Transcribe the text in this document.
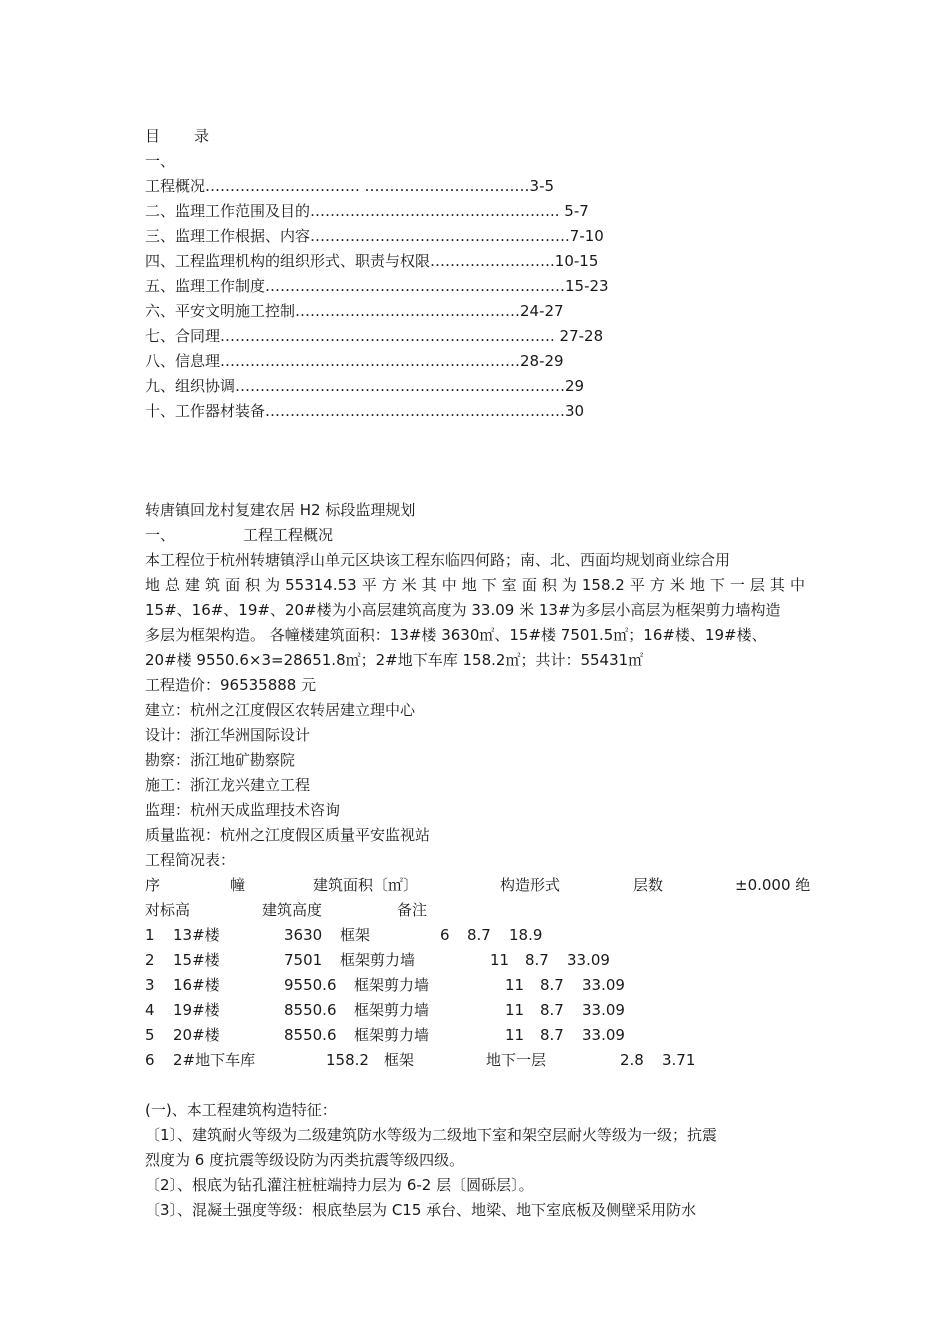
目 录
一、
工程概况…………………………. ……………………………3-5
二、监理工作范围及目的………………………………………….. 5-7
三、监理工作根据、内容…………………………………………….7-10
四、工程监理机构的组织形式、职责与权限…………………….10-15
五、监理工作制度……………………………………………………15-23
六、平安文明施工控制………………………………………24-27
七、合同理…………………………………………………………. 27-28
八、信息理……………………………………………………28-29
九、组织协调…………………………………………………………29
十、工作器材装备……………………………………………………30
转唐镇回龙村复建农居 H2 标段监理规划
一、	工程工程概况
本工程位于杭州转塘镇浮山单元区块该工程东临四何路；南、北、西面均规划商业综合用
地 总 建 筑 面 积 为 55314.53 平 方 米 其 中 地 下 室 面 积 为 158.2 平 方 米 地 下 一 层 其 中
15#、16#、19#、20#楼为小高层建筑高度为 33.09 米 13#为多层小高层为框架剪力墙构造
多层为框架构造。 各幢楼建筑面积：13#楼 3630㎡、15#楼 7501.5㎡；16#楼、19#楼、
20#楼 9550.6×3=28651.8㎡；2#地下车库 158.2㎡；共计：55431㎡
工程造价：96535888 元
建立：杭州之江度假区农转居建立理中心
设计：浙江华洲国际设计
勘察：浙江地矿勘察院
施工：浙江龙兴建立工程
监理：杭州天成监理技术咨询
质量监视：杭州之江度假区质量平安监视站
工程简况表：
序	幢	建筑面积〔㎡〕	构造形式	层数	±0.000 绝
对标高	建筑高度	备注
1 13#楼	3630 框架	6 8.7 18.9
2 15#楼	7501 框架剪力墙	11 8.7 33.09
3 16#楼	9550.6 框架剪力墙	11 8.7 33.09
4 19#楼	8550.6 框架剪力墙	11 8.7 33.09
5 20#楼	8550.6 框架剪力墙	11 8.7 33.09
6 2#地下车库	158.2 框架	地下一层	2.8 3.71
(一)、本工程建筑构造特征：
〔1〕、建筑耐火等级为二级建筑防水等级为二级地下室和架空层耐火等级为一级；抗震
烈度为 6 度抗震等级设防为丙类抗震等级四级。
〔2〕、根底为钻孔灌注桩桩端持力层为 6-2 层〔圆砾层〕。
〔3〕、混凝土强度等级：根底垫层为 C15 承台、地梁、地下室底板及侧壁采用防水
